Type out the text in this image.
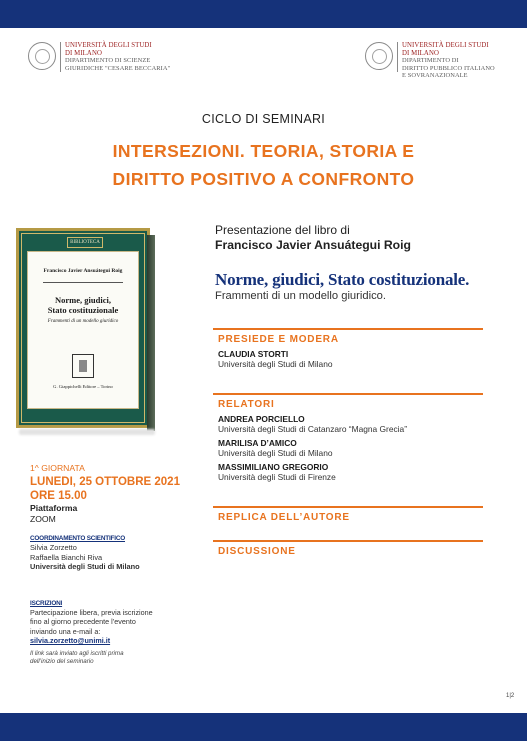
UNIVERSITÀ DEGLI STUDI
DI MILANO
DIPARTIMENTO DI SCIENZE
GIURIDICHE "CESARE BECCARIA"
UNIVERSITÀ DEGLI STUDI
DI MILANO
DIPARTIMENTO DI
DIRITTO PUBBLICO ITALIANO
E SOVRANAZIONALE
CICLO DI SEMINARI
INTERSEZIONI. TEORIA, STORIA E
DIRITTO POSITIVO A CONFRONTO
BIBLIOTECA
Francisco Javier Ansuátegui Roig
Norme, giudici,
Stato costituzionale
Frammenti di un modello giuridico
G. Giappichelli Editore – Torino
Presentazione del libro di
Francisco Javier Ansuátegui Roig
Norme, giudici, Stato costituzionale.
Frammenti di un modello giuridico.
PRESIEDE E MODERA
CLAUDIA STORTI
Università degli Studi di Milano
RELATORI
ANDREA PORCIELLO
Università degli Studi di Catanzaro “Magna Grecia”
MARILISA D’AMICO
Università degli Studi di Milano
MASSIMILIANO GREGORIO
Università degli Studi di Firenze
REPLICA DELL’AUTORE
DISCUSSIONE
1^ GIORNATA
LUNEDI, 25 OTTOBRE 2021
ORE 15.00
Piattaforma
ZOOM
COORDINAMENTO SCIENTIFICO
Silvia Zorzetto
Raffaella Bianchi Riva
Università degli Studi di Milano
ISCRIZIONI
Partecipazione libera, previa iscrizione
fino al giorno precedente l’evento
inviando una e-mail a:
silvia.zorzetto@unimi.it
Il link sarà inviato agli iscritti prima
dell’inizio del seminario
1|2
